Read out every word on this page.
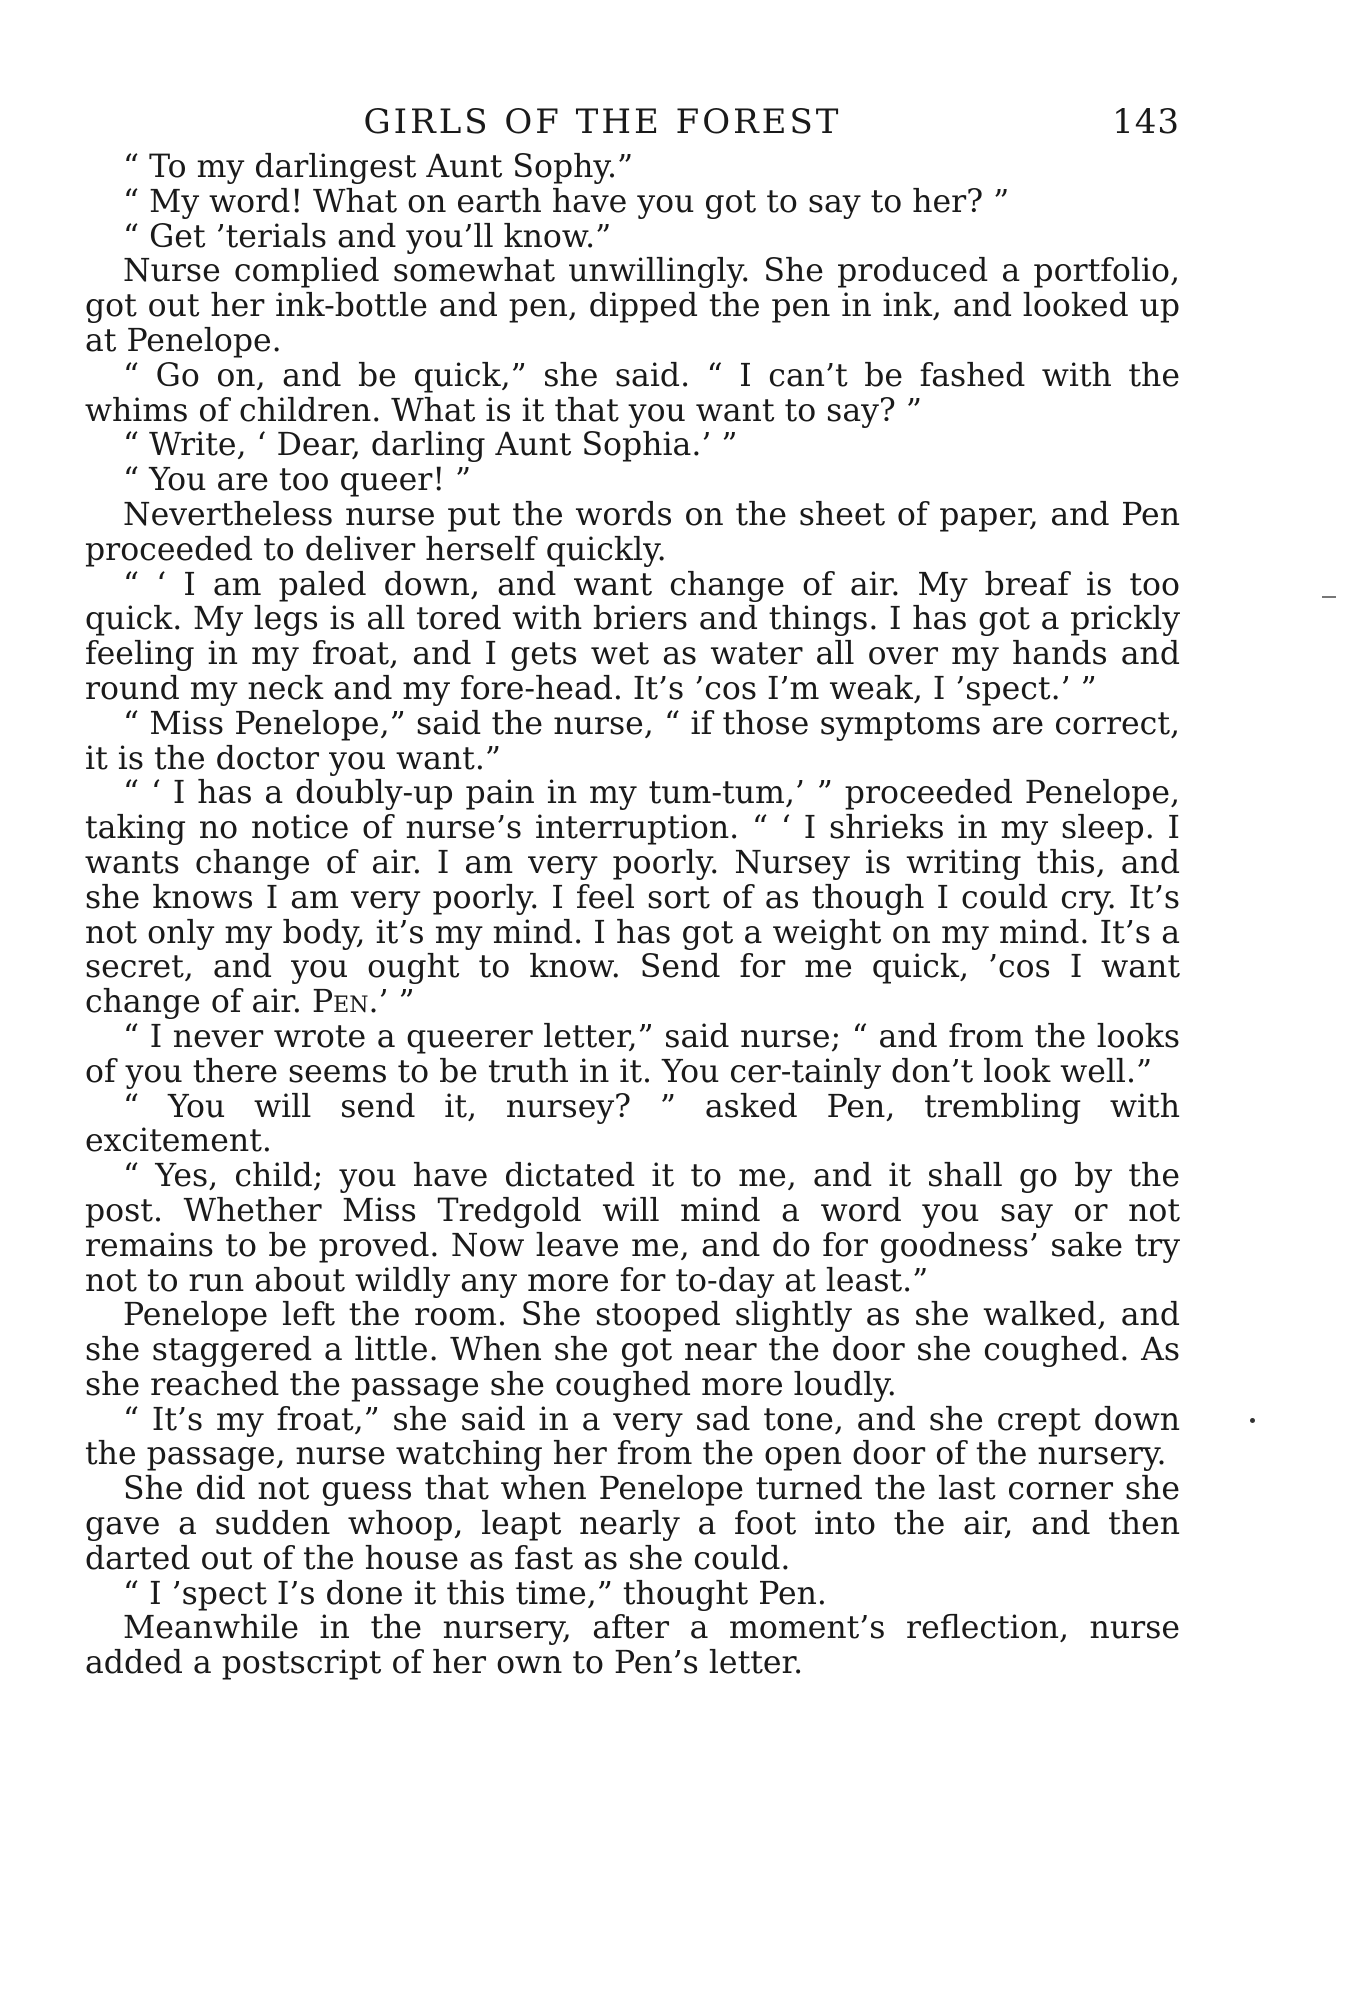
GIRLS OF THE FOREST	143

“ To my darlingest Aunt Sophy.”

“ My word! What on earth have you got to say to her? ”

“ Get ’terials and you’ll know.”

Nurse complied somewhat unwillingly. She produced a portfolio, got out her ink-bottle and pen, dipped the pen in ink, and looked up at Penelope.

“ Go on, and be quick,” she said. “ I can’t be fashed with the whims of children. What is it that you want to say? ”

“ Write, ‘ Dear, darling Aunt Sophia.’ ”

“ You are too queer! ”

Nevertheless nurse put the words on the sheet of paper, and Pen proceeded to deliver herself quickly.

“ ‘ I am paled down, and want change of air. My breaf is too quick. My legs is all tored with briers and things. I has got a prickly feeling in my froat, and I gets wet as water all over my hands and round my neck and my fore-head. It’s ’cos I’m weak, I ’spect.’ ”

“ Miss Penelope,” said the nurse, “ if those symptoms are correct, it is the doctor you want.”

“ ‘ I has a doubly-up pain in my tum-tum,’ ” proceeded Penelope, taking no notice of nurse’s interruption. “ ‘ I shrieks in my sleep. I wants change of air. I am very poorly. Nursey is writing this, and she knows I am very poorly. I feel sort of as though I could cry. It’s not only my body, it’s my mind. I has got a weight on my mind. It’s a secret, and you ought to know. Send for me quick, ’cos I want change of air. Pen.’ ”

“ I never wrote a queerer letter,” said nurse; “ and from the looks of you there seems to be truth in it. You cer-tainly don’t look well.”

“ You will send it, nursey? ” asked Pen, trembling with excitement.

“ Yes, child; you have dictated it to me, and it shall go by the post. Whether Miss Tredgold will mind a word you say or not remains to be proved. Now leave me, and do for goodness’ sake try not to run about wildly any more for to-day at least.”

Penelope left the room. She stooped slightly as she walked, and she staggered a little. When she got near the door she coughed. As she reached the passage she coughed more loudly.

“ It’s my froat,” she said in a very sad tone, and she crept down the passage, nurse watching her from the open door of the nursery.

She did not guess that when Penelope turned the last corner she gave a sudden whoop, leapt nearly a foot into the air, and then darted out of the house as fast as she could.

“ I ’spect I’s done it this time,” thought Pen.

Meanwhile in the nursery, after a moment’s reflection, nurse added a postscript of her own to Pen’s letter.
